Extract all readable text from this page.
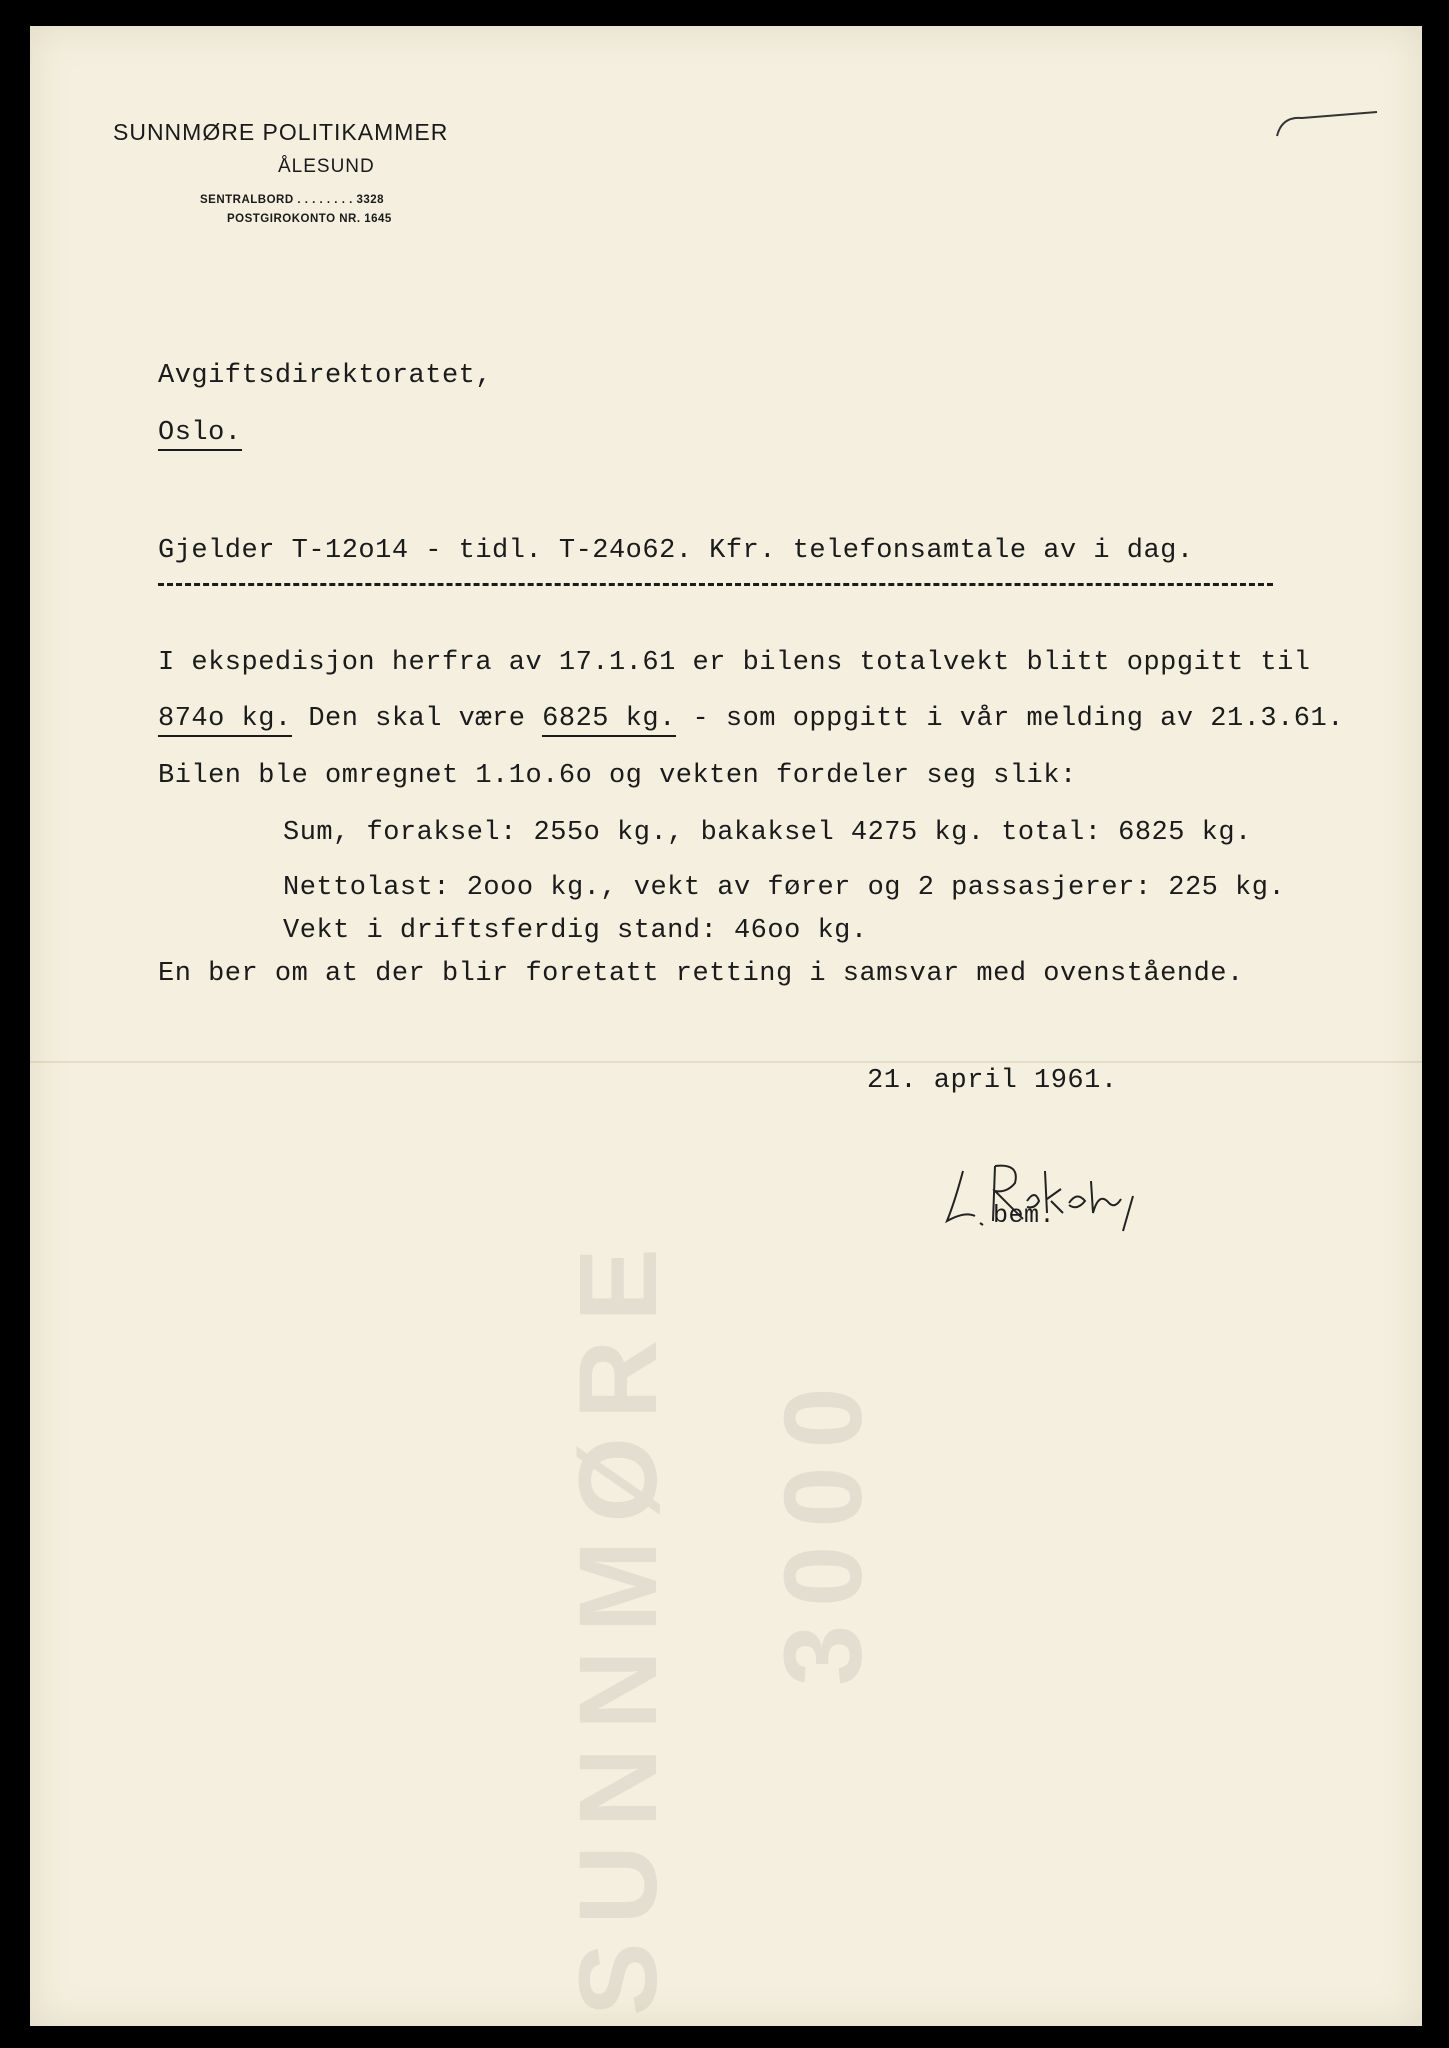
SUNNMØRE 3000
SUNNMØRE POLITIKAMMER
ÅLESUND
SENTRALBORD . . . . . . . . 3328
POSTGIROKONTO NR. 1645
Avgiftsdirektoratet,
Oslo.
Gjelder T-12o14 - tidl. T-24o62. Kfr. telefonsamtale av i dag.
I ekspedisjon herfra av 17.1.61 er bilens totalvekt blitt oppgitt til
874o kg. Den skal være 6825 kg. - som oppgitt i vår melding av 21.3.61.
Bilen ble omregnet 1.1o.6o og vekten fordeler seg slik:
Sum, foraksel: 255o kg., bakaksel 4275 kg. total: 6825 kg.
Nettolast: 2ooo kg., vekt av fører og 2 passasjerer: 225 kg.
Vekt i driftsferdig stand: 46oo kg.
En ber om at der blir foretatt retting i samsvar med ovenstående.
21. april 1961.
bem.
